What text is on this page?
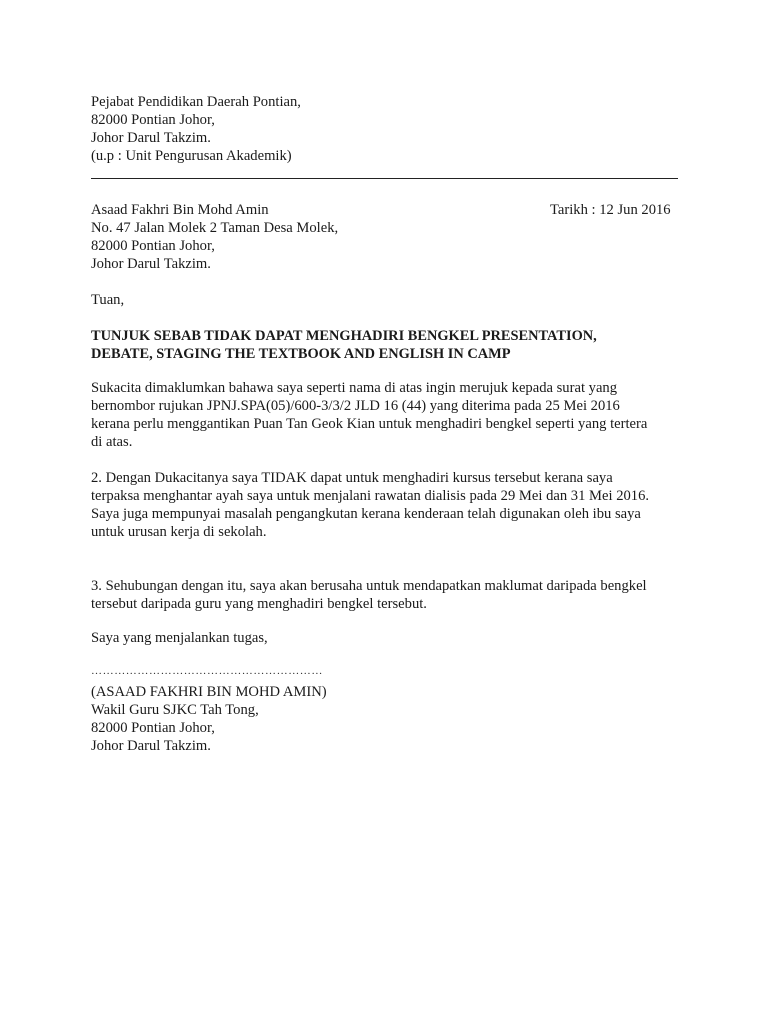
Pejabat Pendidikan Daerah Pontian,
82000 Pontian Johor,
Johor Darul Takzim.
(u.p : Unit Pengurusan Akademik)
Asaad Fakhri Bin Mohd Amin	Tarikh : 12 Jun 2016
No. 47 Jalan Molek 2 Taman Desa Molek,
82000 Pontian Johor,
Johor Darul Takzim.
Tuan,
TUNJUK SEBAB TIDAK DAPAT MENGHADIRI BENGKEL PRESENTATION,
DEBATE, STAGING THE TEXTBOOK AND ENGLISH IN CAMP
Sukacita dimaklumkan bahawa saya seperti nama di atas ingin merujuk kepada surat yang
bernombor rujukan JPNJ.SPA(05)/600-3/3/2 JLD 16 (44) yang diterima pada 25 Mei 2016
kerana perlu menggantikan Puan Tan Geok Kian untuk menghadiri bengkel seperti yang tertera
di atas.
2. Dengan Dukacitanya saya TIDAK dapat untuk menghadiri kursus tersebut kerana saya
terpaksa menghantar ayah saya untuk menjalani rawatan dialisis pada 29 Mei dan 31 Mei 2016.
Saya juga mempunyai masalah pengangkutan kerana kenderaan telah digunakan oleh ibu saya
untuk urusan kerja di sekolah.
3. Sehubungan dengan itu, saya akan berusaha untuk mendapatkan maklumat daripada bengkel
tersebut daripada guru yang menghadiri bengkel tersebut.
Saya yang menjalankan tugas,
……………………………………………………
(ASAAD FAKHRI BIN MOHD AMIN)
Wakil Guru SJKC Tah Tong,
82000 Pontian Johor,
Johor Darul Takzim.
